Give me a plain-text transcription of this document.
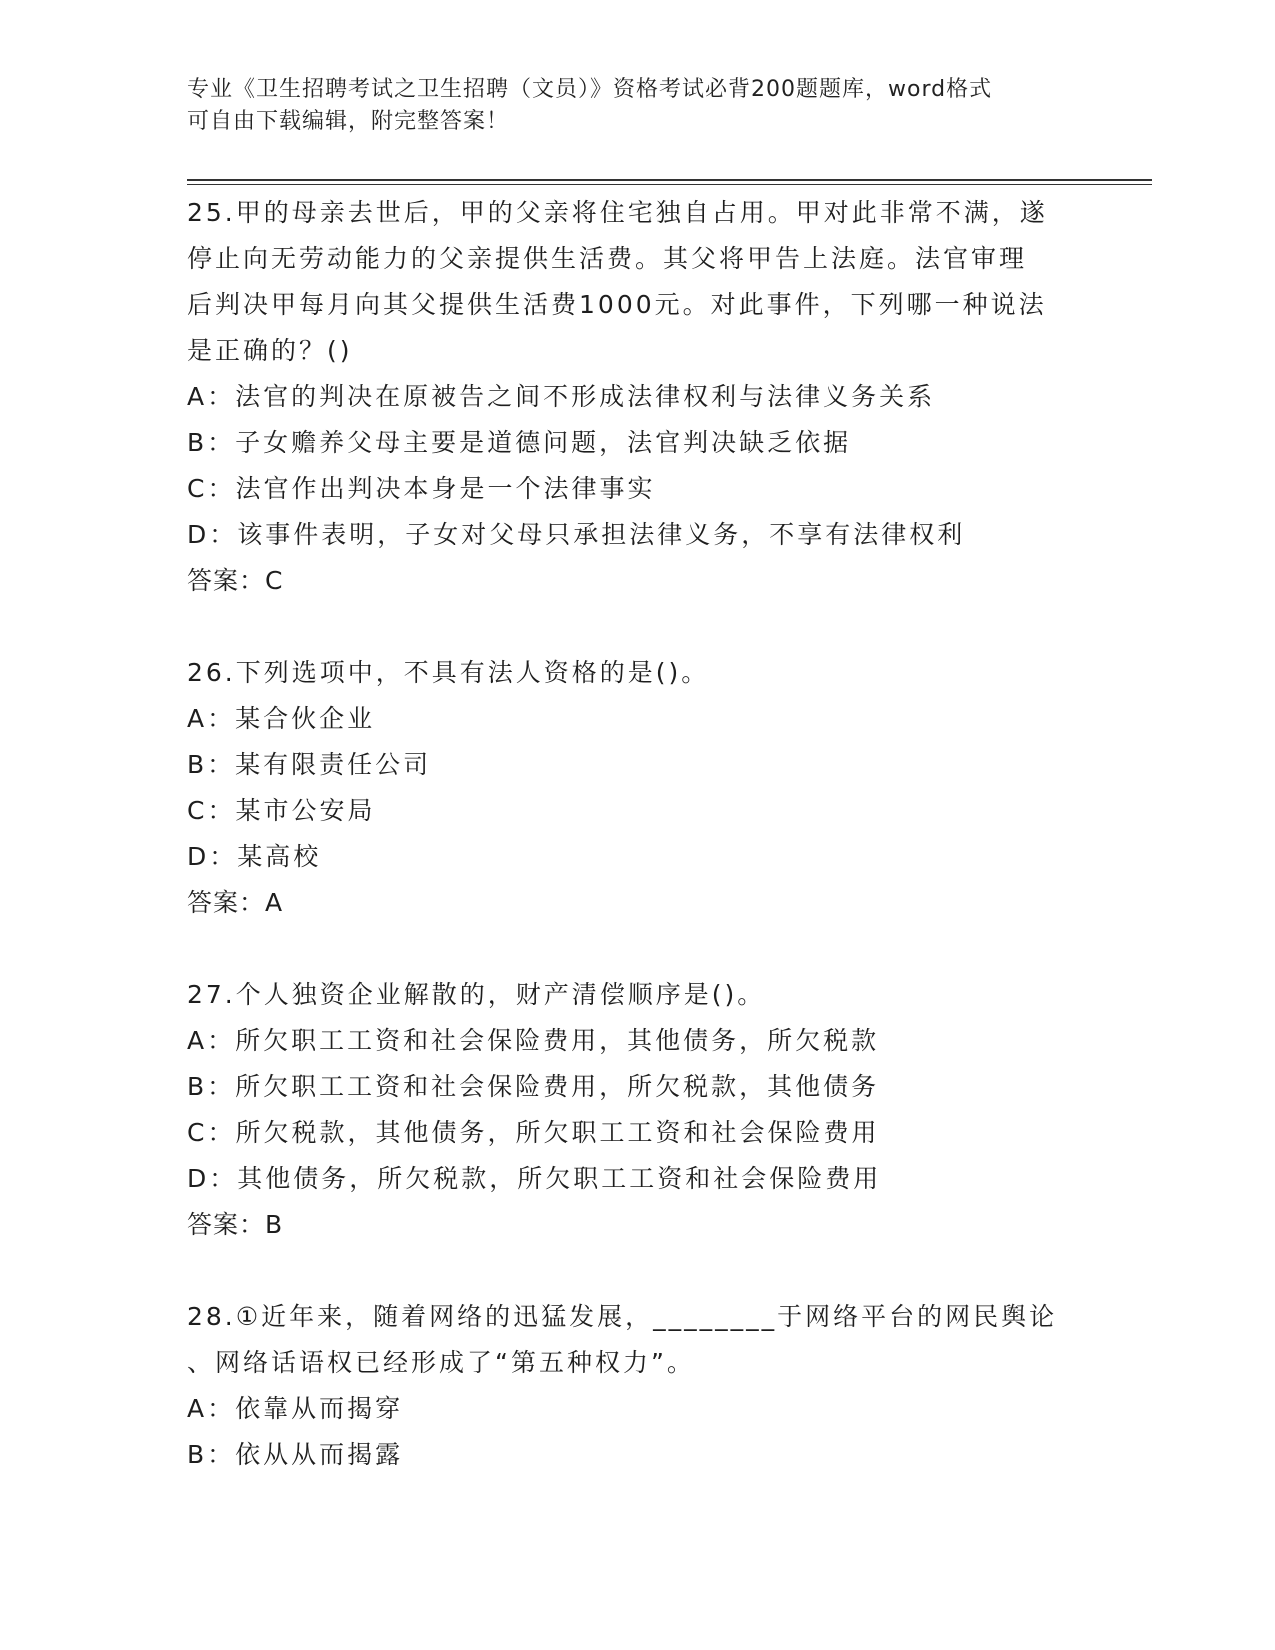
专业《卫生招聘考试之卫生招聘（文员）》资格考试必背200题题库，word格式
可自由下载编辑，附完整答案！
25.甲的母亲去世后，甲的父亲将住宅独自占用。甲对此非常不满，遂
停止向无劳动能力的父亲提供生活费。其父将甲告上法庭。法官审理
后判决甲每月向其父提供生活费1000元。对此事件，下列哪一种说法
是正确的？()
A：法官的判决在原被告之间不形成法律权利与法律义务关系
B：子女赡养父母主要是道德问题，法官判决缺乏依据
C：法官作出判决本身是一个法律事实
D：该事件表明，子女对父母只承担法律义务，不享有法律权利
答案：C
26.下列选项中，不具有法人资格的是()。
A：某合伙企业
B：某有限责任公司
C：某市公安局
D：某高校
答案：A
27.个人独资企业解散的，财产清偿顺序是()。
A：所欠职工工资和社会保险费用，其他债务，所欠税款
B：所欠职工工资和社会保险费用，所欠税款，其他债务
C：所欠税款，其他债务，所欠职工工资和社会保险费用
D：其他债务，所欠税款，所欠职工工资和社会保险费用
答案：B
28.①近年来，随着网络的迅猛发展，________于网络平台的网民舆论
、网络话语权已经形成了“第五种权力”。
A：依靠从而揭穿
B：依从从而揭露
